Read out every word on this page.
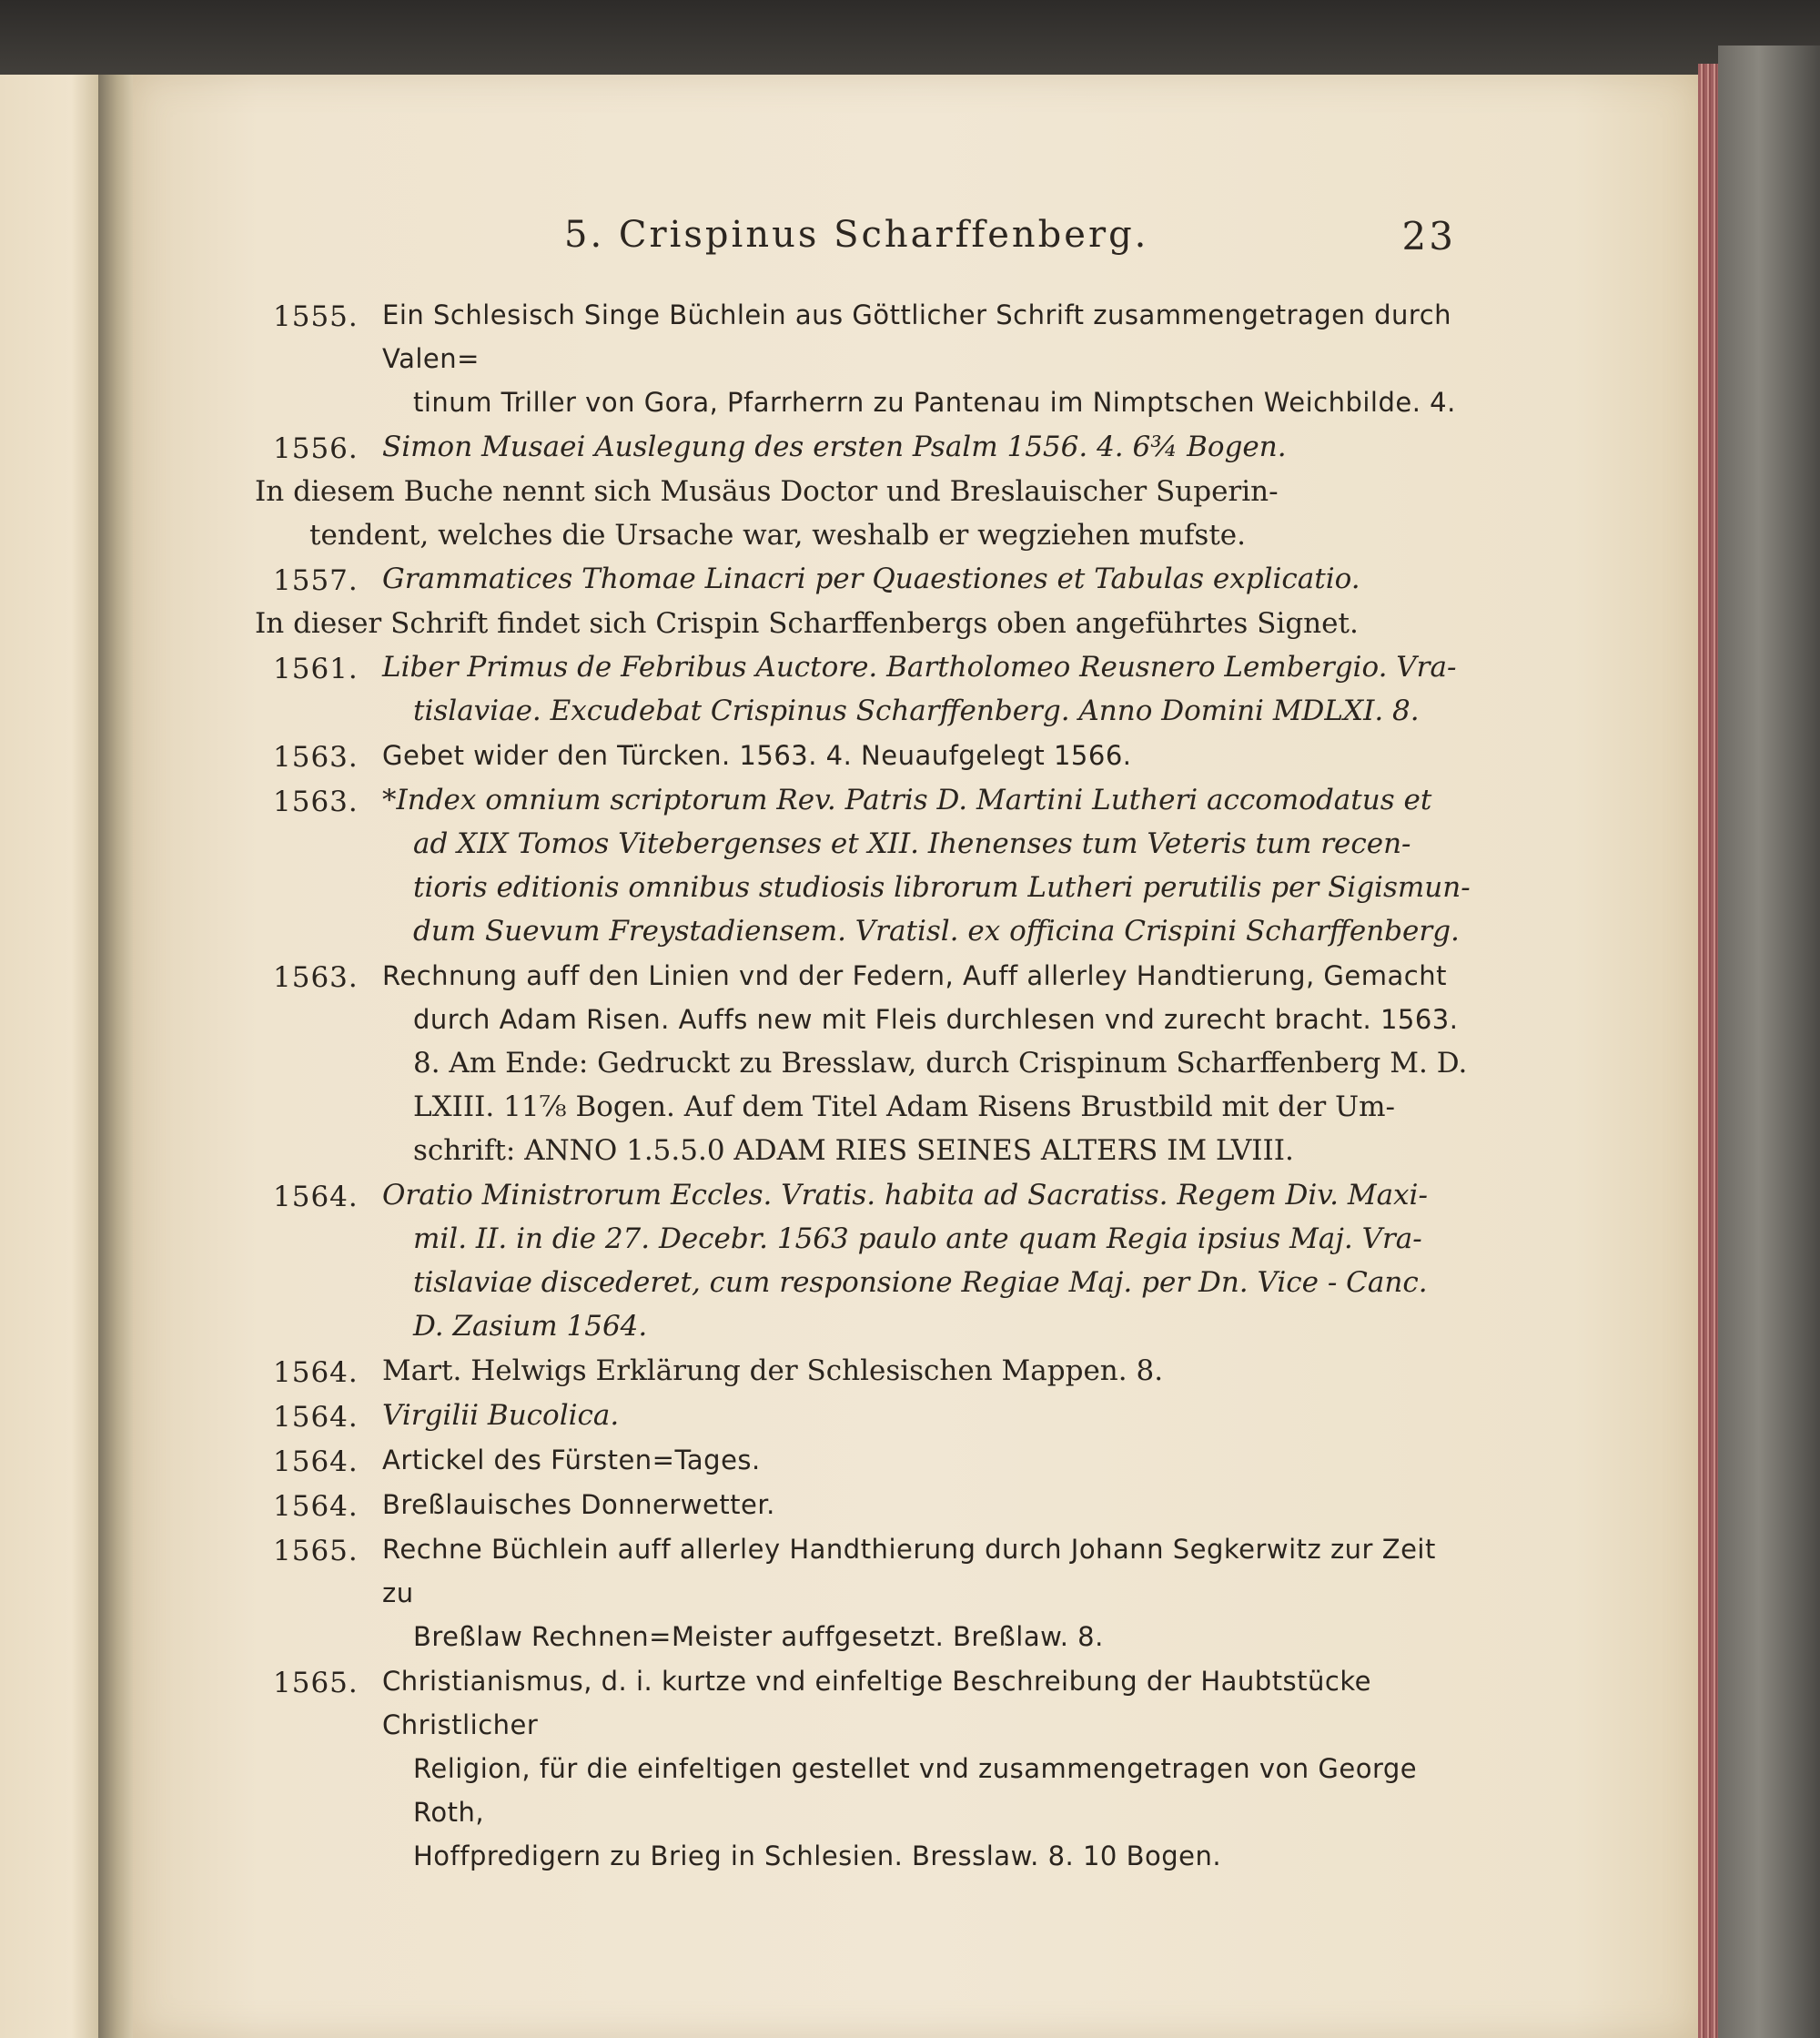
5. Crispinus Scharffenberg.	23
1555. Ein Schlesisch Singe Büchlein aus Göttlicher Schrift zusammengetragen durch Valen=
tinum Triller von Gora, Pfarrherrn zu Pantenau im Nimptschen Weichbilde. 4.
1556. Simon Musaei Auslegung des ersten Psalm 1556. 4. 6¾ Bogen.
In diesem Buche nennt sich Musäus Doctor und Breslauischer Superin-
tendent, welches die Ursache war, weshalb er wegziehen mufste.
1557. Grammatices Thomae Linacri per Quaestiones et Tabulas explicatio.
In dieser Schrift findet sich Crispin Scharffenbergs oben angeführtes Signet.
1561. Liber Primus de Febribus Auctore. Bartholomeo Reusnero Lembergio. Vra-
tislaviae. Excudebat Crispinus Scharffenberg. Anno Domini MDLXI. 8.
1563. Gebet wider den Türcken. 1563. 4. Neuaufgelegt 1566.
1563. *Index omnium scriptorum Rev. Patris D. Martini Lutheri accomodatus et
ad XIX Tomos Vitebergenses et XII. Ihenenses tum Veteris tum recen-
tioris editionis omnibus studiosis librorum Lutheri perutilis per Sigismun-
dum Suevum Freystadiensem. Vratisl. ex officina Crispini Scharffenberg.
1563. Rechnung auff den Linien vnd der Federn, Auff allerley Handtierung, Gemacht
durch Adam Risen. Auffs new mit Fleis durchlesen vnd zurecht bracht. 1563.
8. Am Ende: Gedruckt zu Bresslaw, durch Crispinum Scharffenberg M. D.
LXIII. 11⅞ Bogen. Auf dem Titel Adam Risens Brustbild mit der Um-
schrift: ANNO 1.5.5.0 ADAM RIES SEINES ALTERS IM LVIII.
1564. Oratio Ministrorum Eccles. Vratis. habita ad Sacratiss. Regem Div. Maxi-
mil. II. in die 27. Decebr. 1563 paulo ante quam Regia ipsius Maj. Vra-
tislaviae discederet, cum responsione Regiae Maj. per Dn. Vice - Canc.
D. Zasium 1564.
1564. Mart. Helwigs Erklärung der Schlesischen Mappen. 8.
1564. Virgilii Bucolica.
1564. Artickel des Fürsten=Tages.
1564. Breßlauisches Donnerwetter.
1565. Rechne Büchlein auff allerley Handthierung durch Johann Segkerwitz zur Zeit zu
Breßlaw Rechnen=Meister auffgesetzt. Breßlaw. 8.
1565. Christianismus, d. i. kurtze vnd einfeltige Beschreibung der Haubtstücke Christlicher
Religion, für die einfeltigen gestellet vnd zusammengetragen von George Roth,
Hoffpredigern zu Brieg in Schlesien. Bresslaw. 8. 10 Bogen.
